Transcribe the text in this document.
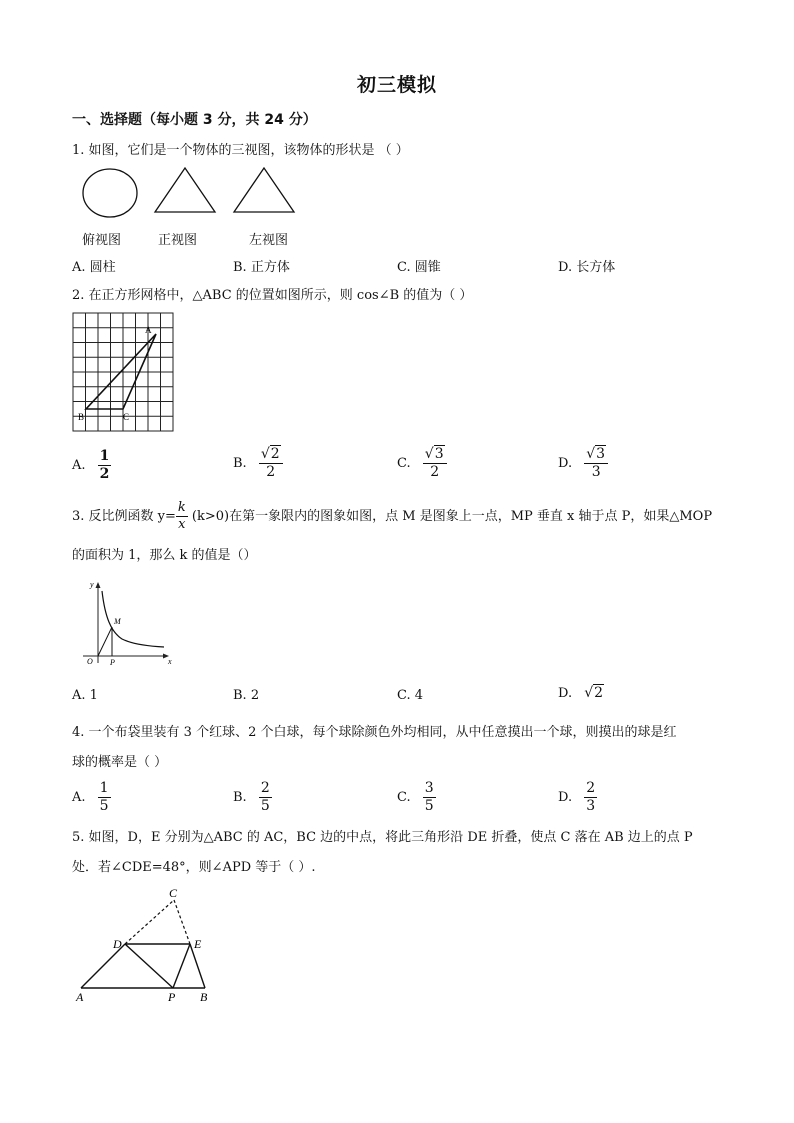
初三模拟
一、选择题（每小题 3 分，共 24 分）
1. 如图，它们是一个物体的三视图，该物体的形状是 （ ）
俯视图	正视图	左视图
A. 圆柱	B. 正方体	C. 圆锥	D. 长方体
2. 在正方形网格中，△ABC 的位置如图所示，则 cos∠B 的值为（ ）
A
B	C
A. $\frac{1}{2}$	B. $\frac{√2}{2}$	C. $\frac{√3}{2}$	D. $\frac{√3}{3}$
3. 反比例函数 $y= \frac{k}{x} (k>0)$在第一象限内的图象如图，点 M 是图象上一点，MP 垂直 x 轴于点 P，如果△MOP
的面积为 1，那么 k 的值是（）
y
x
O P
M
A. 1	B. 2	C. 4	D. √2
4. 一个布袋里装有 3 个红球、2 个白球，每个球除颜色外均相同，从中任意摸出一个球，则摸出的球是红
球的概率是（ ）
A. $\frac{1}{5}$	B. $\frac{2}{5}$	C. $\frac{3}{5}$	D. $\frac{2}{3}$
5. 如图，D，E 分别为△ABC 的 AC，BC 边的中点，将此三角形沿 DE 折叠，使点 C 落在 AB 边上的点 P
处．若∠CDE=48°，则∠APD 等于（ ）.
C
D	E
A	P B
